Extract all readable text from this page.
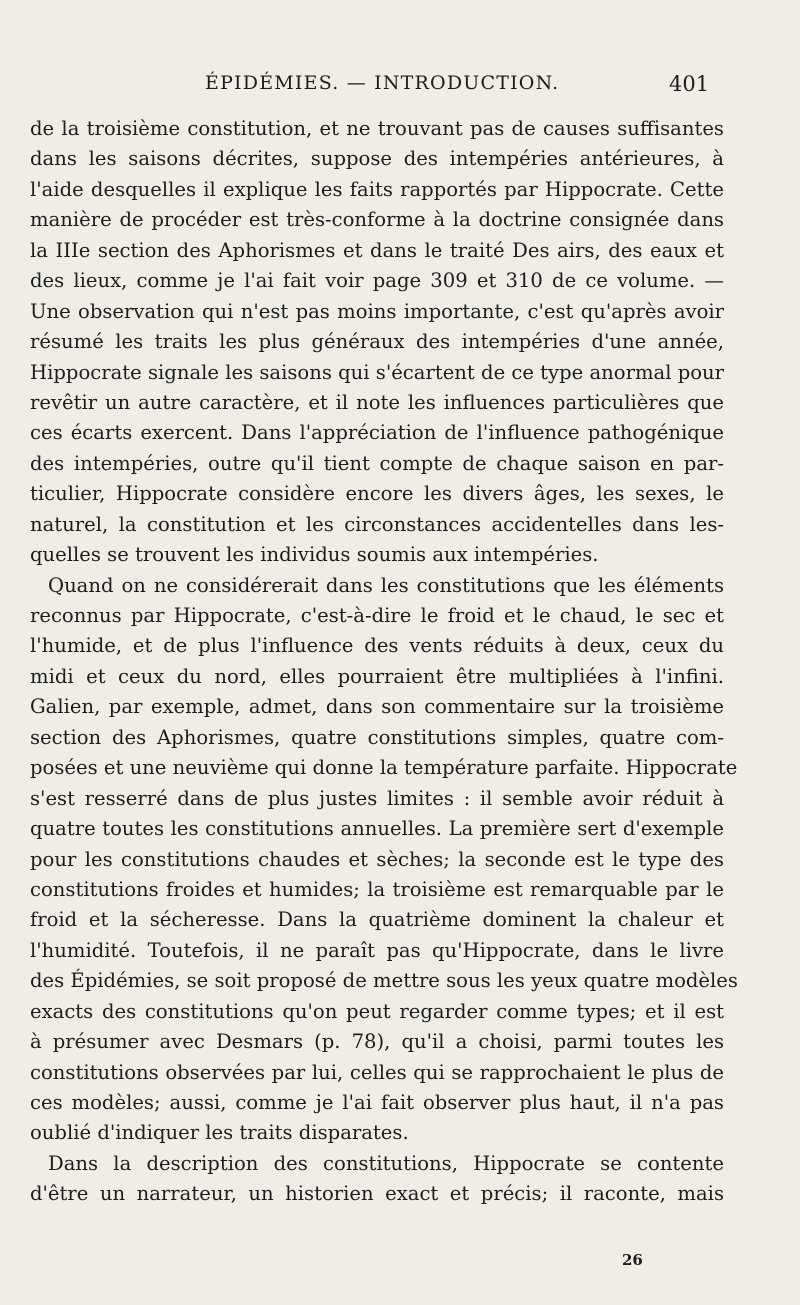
ÉPIDÉMIES. — INTRODUCTION.	401
de la troisième constitution, et ne trouvant pas de causes suffisantes
dans les saisons décrites, suppose des intempéries antérieures, à
l'aide desquelles il explique les faits rapportés par Hippocrate. Cette
manière de procéder est très-conforme à la doctrine consignée dans
la IIIe section des Aphorismes et dans le traité Des airs, des eaux et
des lieux, comme je l'ai fait voir page 309 et 310 de ce volume. —
Une observation qui n'est pas moins importante, c'est qu'après avoir
résumé les traits les plus généraux des intempéries d'une année,
Hippocrate signale les saisons qui s'écartent de ce type anormal pour
revêtir un autre caractère, et il note les influences particulières que
ces écarts exercent. Dans l'appréciation de l'influence pathogénique
des intempéries, outre qu'il tient compte de chaque saison en par-
ticulier, Hippocrate considère encore les divers âges, les sexes, le
naturel, la constitution et les circonstances accidentelles dans les-
quelles se trouvent les individus soumis aux intempéries.
Quand on ne considérerait dans les constitutions que les éléments
reconnus par Hippocrate, c'est-à-dire le froid et le chaud, le sec et
l'humide, et de plus l'influence des vents réduits à deux, ceux du
midi et ceux du nord, elles pourraient être multipliées à l'infini.
Galien, par exemple, admet, dans son commentaire sur la troisième
section des Aphorismes, quatre constitutions simples, quatre com-
posées et une neuvième qui donne la température parfaite. Hippocrate
s'est resserré dans de plus justes limites : il semble avoir réduit à
quatre toutes les constitutions annuelles. La première sert d'exemple
pour les constitutions chaudes et sèches; la seconde est le type des
constitutions froides et humides; la troisième est remarquable par le
froid et la sécheresse. Dans la quatrième dominent la chaleur et
l'humidité. Toutefois, il ne paraît pas qu'Hippocrate, dans le livre
des Épidémies, se soit proposé de mettre sous les yeux quatre modèles
exacts des constitutions qu'on peut regarder comme types; et il est
à présumer avec Desmars (p. 78), qu'il a choisi, parmi toutes les
constitutions observées par lui, celles qui se rapprochaient le plus de
ces modèles; aussi, comme je l'ai fait observer plus haut, il n'a pas
oublié d'indiquer les traits disparates.
Dans la description des constitutions, Hippocrate se contente
d'être un narrateur, un historien exact et précis; il raconte, mais
26
